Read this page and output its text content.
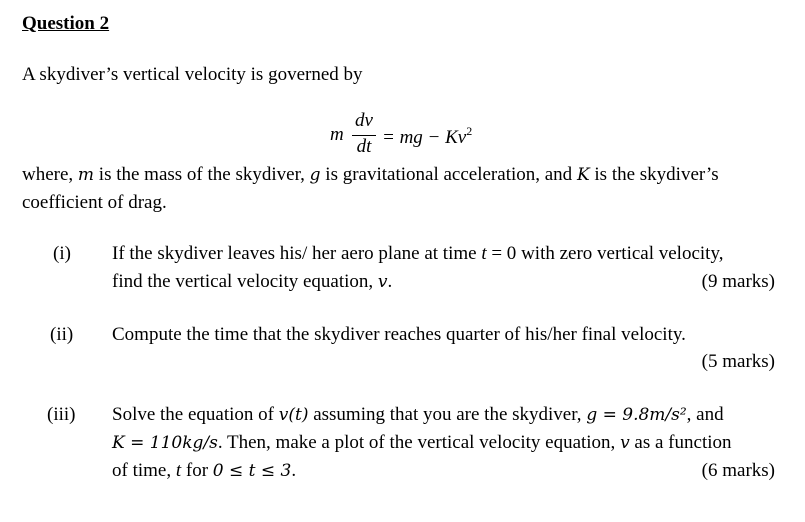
Question 2
A skydiver’s vertical velocity is governed by
m
dv
dt = mg − $Kv^2$
where, m is the mass of the skydiver, g is gravitational acceleration, and K is the skydiver’s
coefficient of drag.
(i) If the skydiver leaves his/ her aero plane at time t = 0 with zero vertical velocity,
find the vertical velocity equation, v.	(9 marks)
(ii) Compute the time that the skydiver reaches quarter of his/her final velocity.
(5 marks)
(iii) Solve the equation of v(t) assuming that you are the skydiver, g = 9.8m/s², and
K = 110kg/s. Then, make a plot of the vertical velocity equation, v as a function
of time, t for 0 ≤ t ≤ 3.	(6 marks)
